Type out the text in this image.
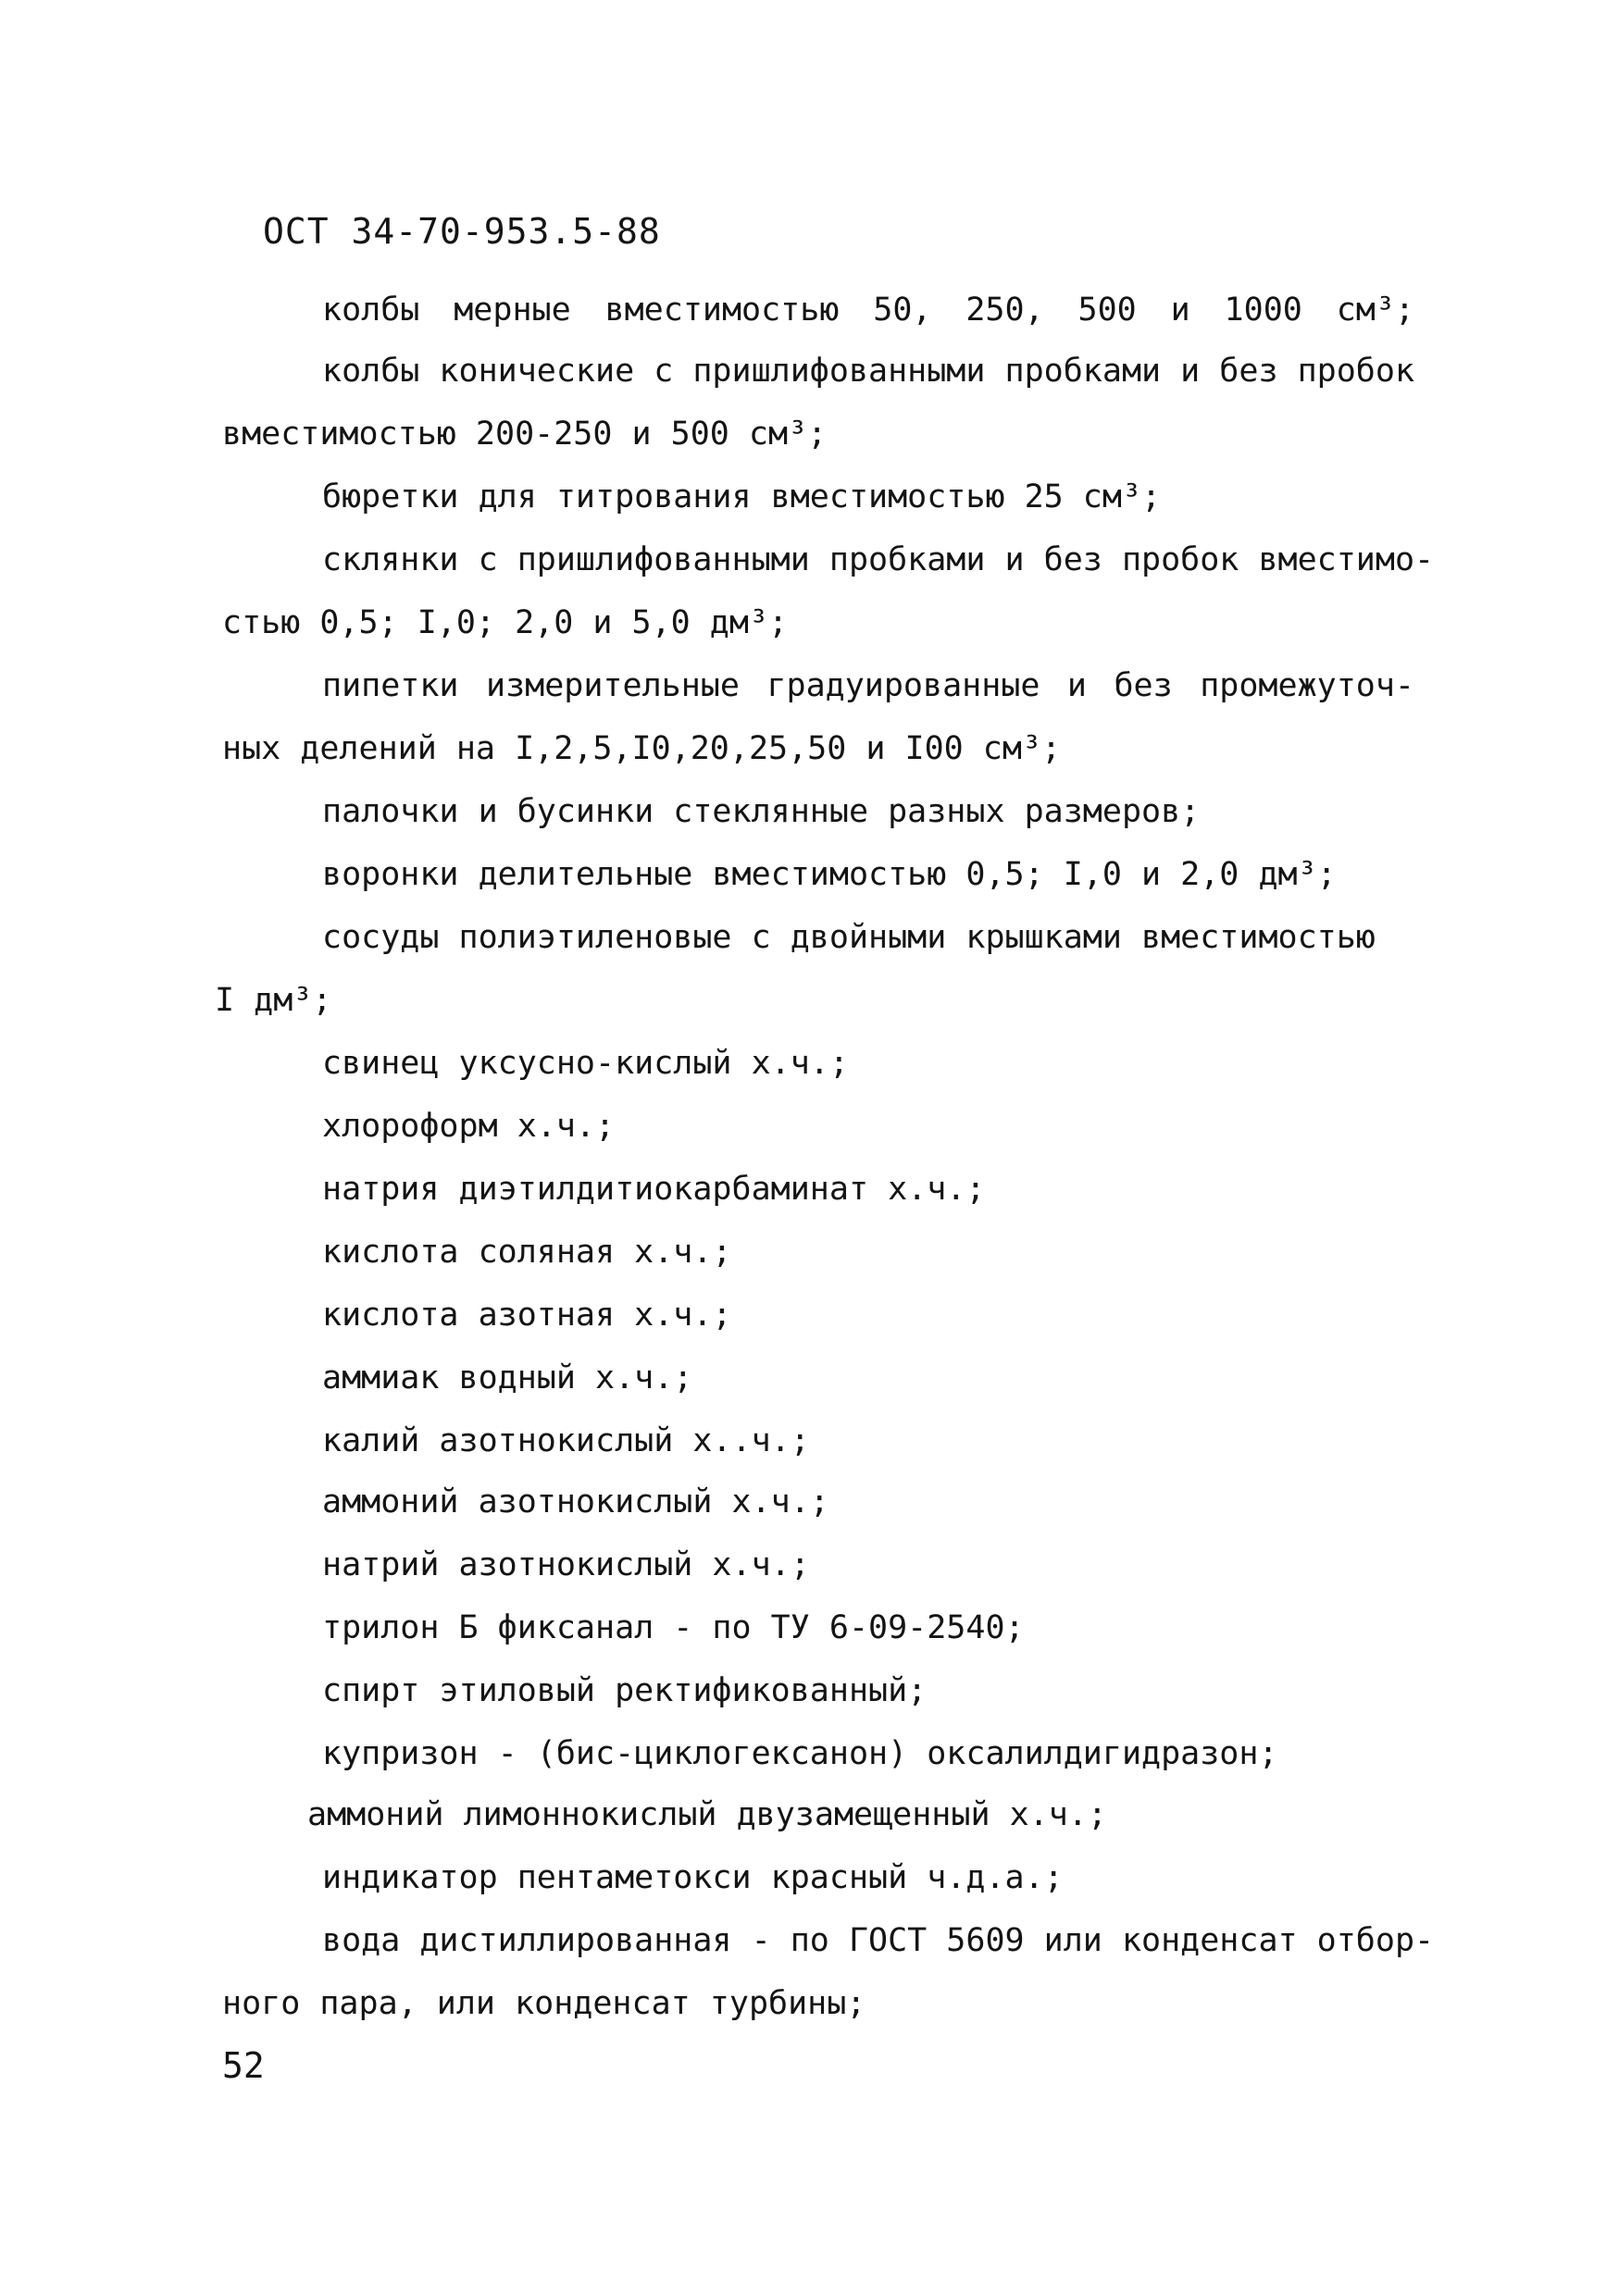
ОСТ 34-70-953.5-88
колбы мерные вместимостью 50, 250, 500 и 1000 см³;
колбы конические с пришлифованными пробками и без пробок
вместимостью 200-250 и 500 см³;
бюретки для титрования вместимостью 25 см³;
склянки с пришлифованными пробками и без пробок вместимо-
стью 0,5; I,0; 2,0 и 5,0 дм³;
пипетки измерительные градуированные и без промежуточ-
ных делений на I,2,5,I0,20,25,50 и I00 см³;
палочки и бусинки стеклянные разных размеров;
воронки делительные вместимостью 0,5; I,0 и 2,0 дм³;
сосуды полиэтиленовые с двойными крышками вместимостью
I дм³;
свинец уксусно-кислый х.ч.;
хлороформ х.ч.;
натрия диэтилдитиокарбаминат х.ч.;
кислота соляная х.ч.;
кислота азотная х.ч.;
аммиак водный х.ч.;
калий азотнокислый х..ч.;
аммоний азотнокислый х.ч.;
натрий азотнокислый х.ч.;
трилон Б фиксанал - по ТУ 6-09-2540;
спирт этиловый ректификованный;
купризон - (бис-циклогексанон) оксалилдигидразон;
аммоний лимоннокислый двузамещенный х.ч.;
индикатор пентаметокси красный ч.д.а.;
вода дистиллированная - по ГОСТ 5609 или конденсат отбор-
ного пара, или конденсат турбины;
52
